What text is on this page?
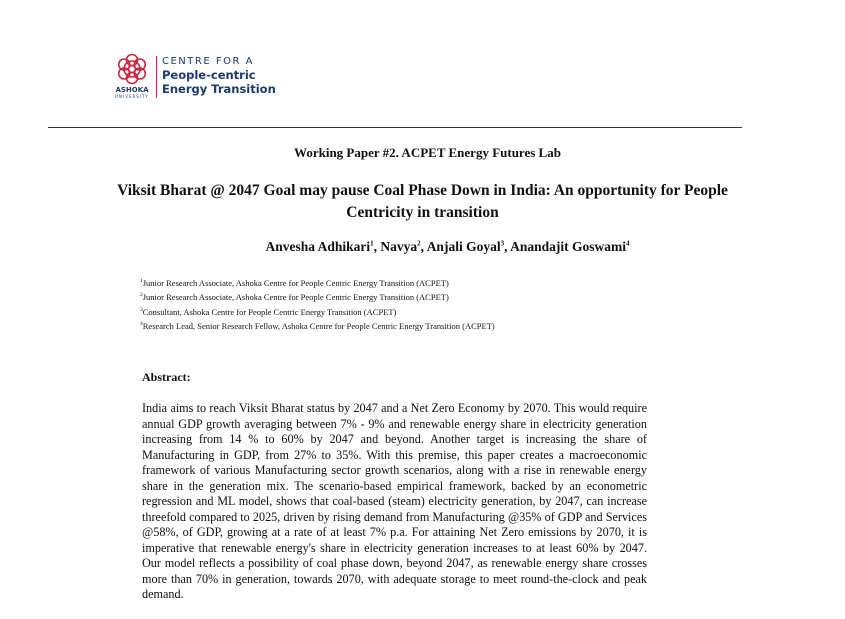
ASHOKA
UNIVERSITY
CENTRE FOR A
People-centric
Energy Transition
Working Paper #2. ACPET Energy Futures Lab
Viksit Bharat @ 2047 Goal may pause Coal Phase Down in India: An opportunity for People Centricity in transition
Anvesha Adhikari$^1$, Navya$^2$, Anjali Goyal$^3$, Anandajit Goswami$^4$
$^1$Junior Research Associate, Ashoka Centre for People Centric Energy Transition (ACPET)
$^2$Junior Research Associate, Ashoka Centre for People Centric Energy Transition (ACPET)
$^3$Consultant, Ashoka Centre for People Centric Energy Transition (ACPET)
$^4$Research Lead, Senior Research Fellow, Ashoka Centre for People Centric Energy Transition (ACPET)
Abstract:
India aims to reach Viksit Bharat status by 2047 and a Net Zero Economy by 2070. This would require annual GDP growth averaging between 7% - 9% and renewable energy share in electricity generation increasing from 14 % to 60% by 2047 and beyond. Another target is increasing the share of Manufacturing in GDP, from 27% to 35%. With this premise, this paper creates a macroeconomic framework of various Manufacturing sector growth scenarios, along with a rise in renewable energy share in the generation mix. The scenario-based empirical framework, backed by an econometric regression and ML model, shows that coal-based (steam) electricity generation, by 2047, can increase threefold compared to 2025, driven by rising demand from Manufacturing @35% of GDP and Services @58%, of GDP, growing at a rate of at least 7% p.a. For attaining Net Zero emissions by 2070, it is imperative that renewable energy's share in electricity generation increases to at least 60% by 2047. Our model reflects a possibility of coal phase down, beyond 2047, as renewable energy share crosses more than 70% in generation, towards 2070, with adequate storage to meet round-the-clock and peak demand.
